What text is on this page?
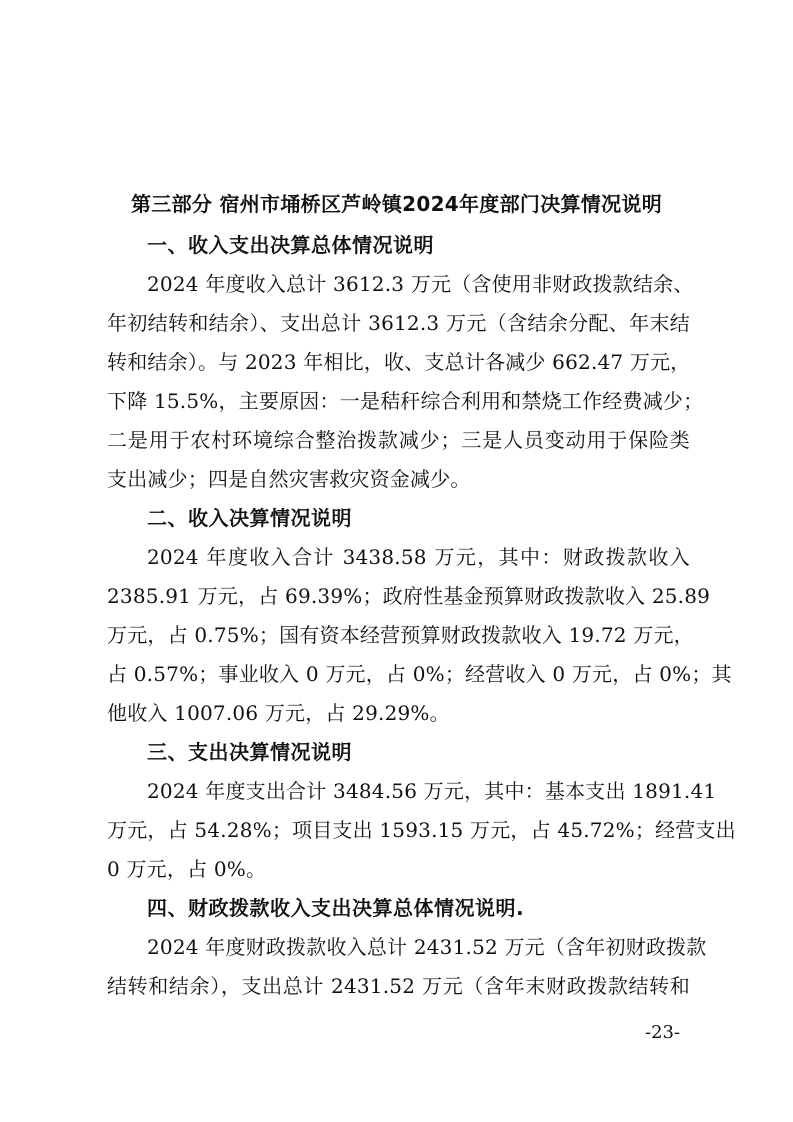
第三部分 宿州市埇桥区芦岭镇2024年度部门决算情况说明
一、收入支出决算总体情况说明
2024 年度收入总计 3612.3 万元（含使用非财政拨款结余、
年初结转和结余）、支出总计 3612.3 万元（含结余分配、年末结
转和结余）。与 2023 年相比，收、支总计各减少 662.47 万元，
下降 15.5%，主要原因：一是秸秆综合利用和禁烧工作经费减少；
二是用于农村环境综合整治拨款减少；三是人员变动用于保险类
支出减少；四是自然灾害救灾资金减少。
二、收入决算情况说明
2024 年度收入合计 3438.58 万元，其中：财政拨款收入
2385.91 万元，占 69.39%；政府性基金预算财政拨款收入 25.89
万元，占 0.75%；国有资本经营预算财政拨款收入 19.72 万元，
占 0.57%；事业收入 0 万元，占 0%；经营收入 0 万元，占 0%；其
他收入 1007.06 万元，占 29.29%。
三、支出决算情况说明
2024 年度支出合计 3484.56 万元，其中：基本支出 1891.41
万元，占 54.28%；项目支出 1593.15 万元，占 45.72%；经营支出
0 万元，占 0%。
四、财政拨款收入支出决算总体情况说明.
2024 年度财政拨款收入总计 2431.52 万元（含年初财政拨款
结转和结余），支出总计 2431.52 万元（含年末财政拨款结转和
-23-
